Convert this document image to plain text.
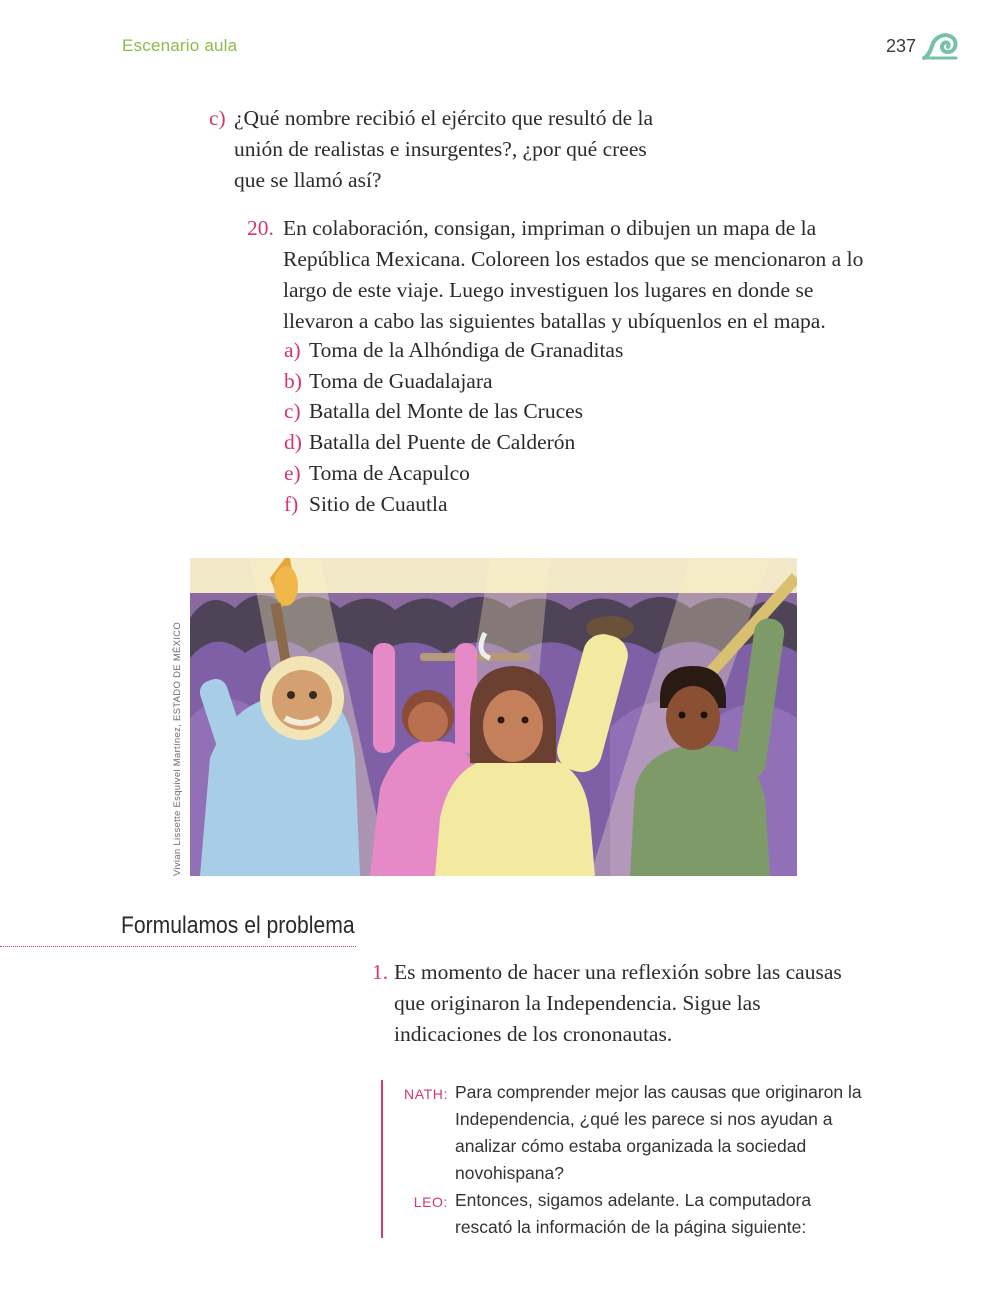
Escenario aula	237
c) ¿Qué nombre recibió el ejército que resultó de la unión de realistas e insurgentes?, ¿por qué crees que se llamó así?
20. En colaboración, consigan, impriman o dibujen un mapa de la República Mexicana. Coloreen los estados que se mencionaron a lo largo de este viaje. Luego investiguen los lugares en donde se llevaron a cabo las siguientes batallas y ubíquenlos en el mapa.
a) Toma de la Alhóndiga de Granaditas
b) Toma de Guadalajara
c) Batalla del Monte de las Cruces
d) Batalla del Puente de Calderón
e) Toma de Acapulco
f) Sitio de Cuautla
Vivian Lissette Esquivel Martínez, ESTADO DE MÉXICO
Formulamos el problema
1. Es momento de hacer una reflexión sobre las causas que originaron la Independencia. Sigue las indicaciones de los crononautas.
NATH: Para comprender mejor las causas que originaron la Independencia, ¿qué les parece si nos ayudan a analizar cómo estaba organizada la sociedad novohispana?
LEO: Entonces, sigamos adelante. La computadora rescató la información de la página siguiente:
